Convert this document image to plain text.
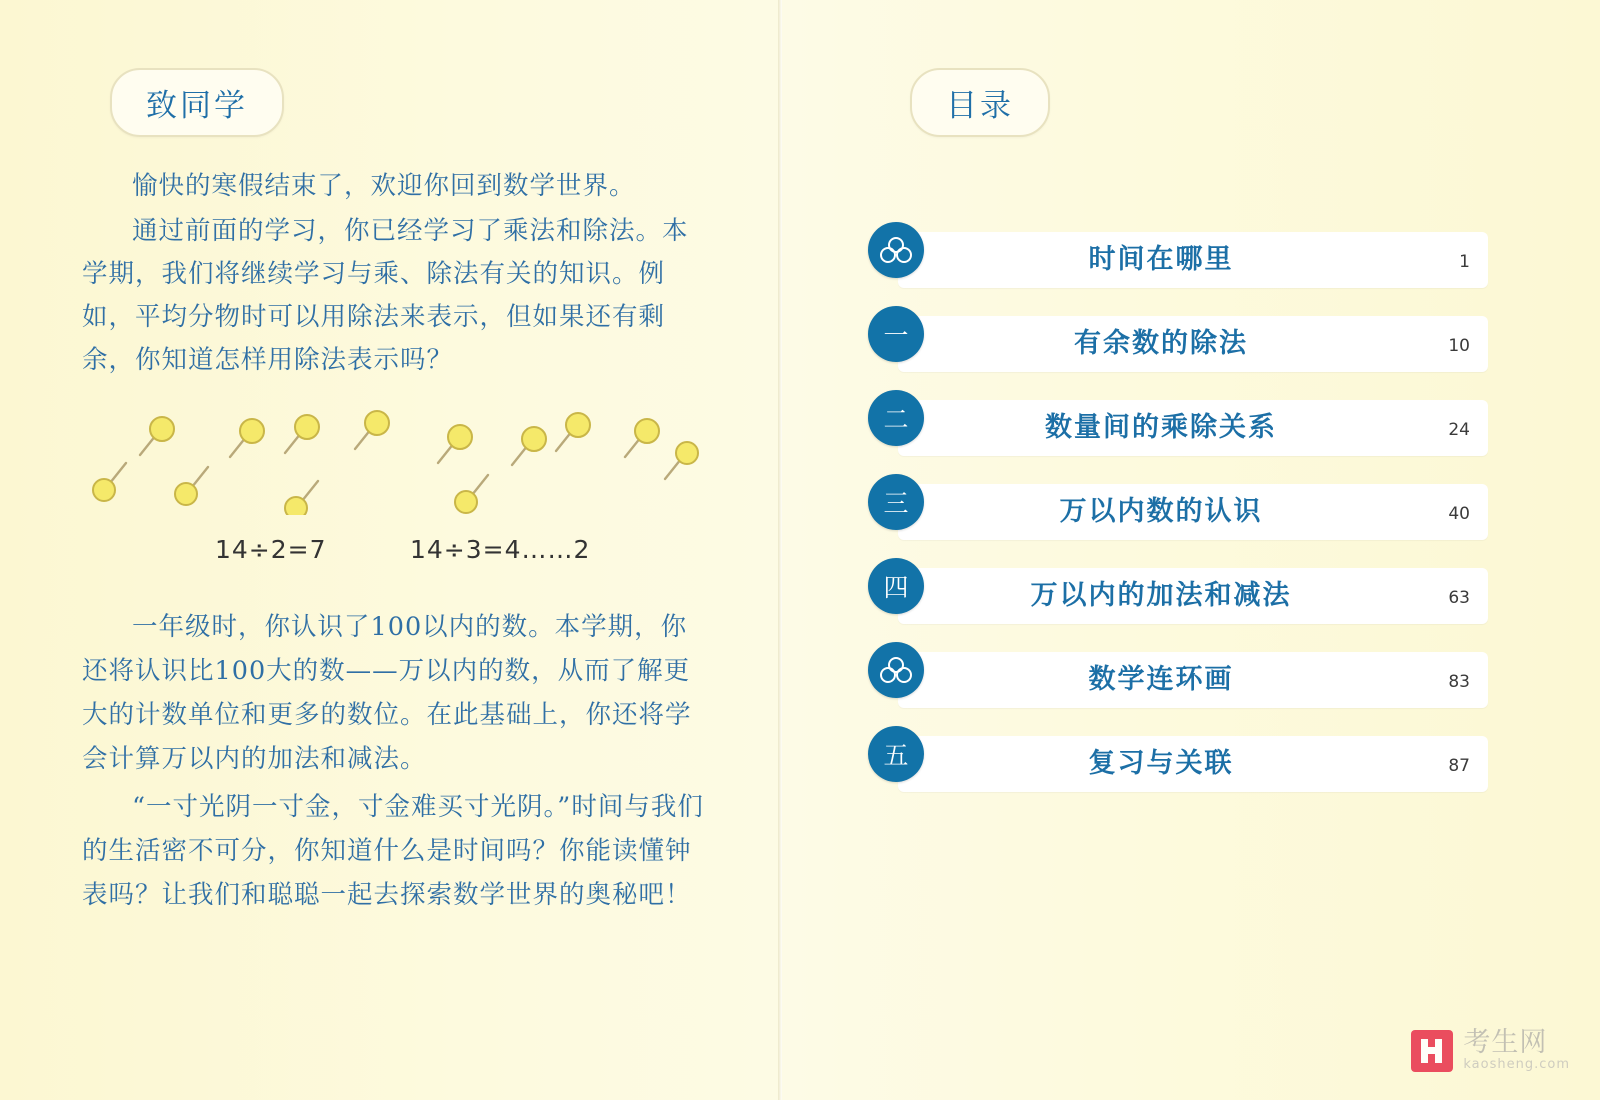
致同学

愉快的寒假结束了，欢迎你回到数学世界。

通过前面的学习，你已经学习了乘法和除法。本学期，我们将继续学习与乘、除法有关的知识。例如，平均分物时可以用除法来表示，但如果还有剩余，你知道怎样用除法表示吗？

14÷2=7	14÷3=4……2

一年级时，你认识了100以内的数。本学期，你还将认识比100大的数——万以内的数，从而了解更大的计数单位和更多的数位。在此基础上，你还将学会计算万以内的加法和减法。

“一寸光阴一寸金，寸金难买寸光阴。”时间与我们的生活密不可分，你知道什么是时间吗？你能读懂钟表吗？让我们和聪聪一起去探索数学世界的奥秘吧！

目录
时间在哪里	1
一	有余数的除法	10
二	数量间的乘除关系	24
三	万以内数的认识	40
四	万以内的加法和减法	63
数学连环画	83
五	复习与关联	87
考生网
kaosheng.com
